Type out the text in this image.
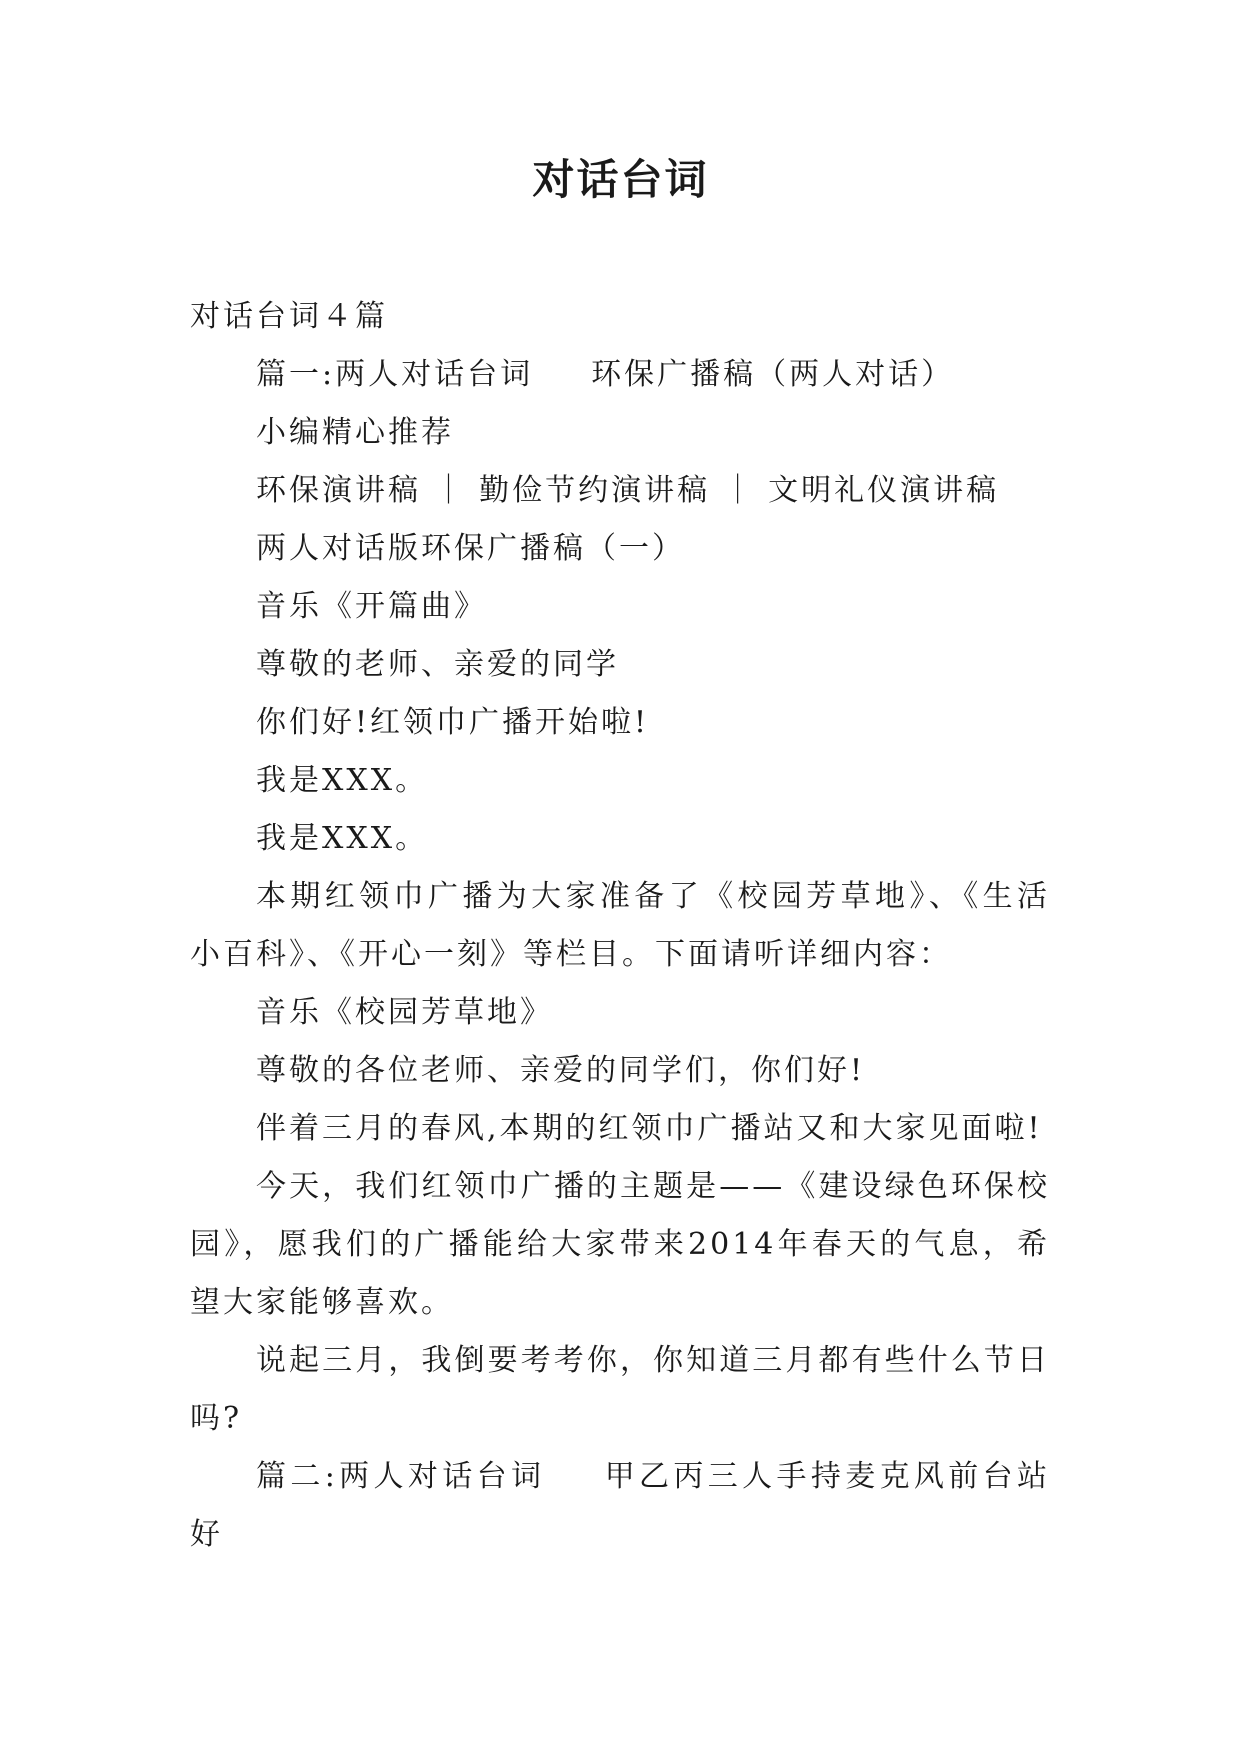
对话台词
对话台词４篇
篇一:两人对话台词 环保广播稿（两人对话）
小编精心推荐
环保演讲稿 ｜ 勤俭节约演讲稿 ｜ 文明礼仪演讲稿
两人对话版环保广播稿（一）
音乐《开篇曲》
尊敬的老师、亲爱的同学
你们好!红领巾广播开始啦!
我是XXX。
我是XXX。
本期红领巾广播为大家准备了《校园芳草地》、《生活小百科》、《开心一刻》等栏目。下面请听详细内容：
音乐《校园芳草地》
尊敬的各位老师、亲爱的同学们，你们好!
伴着三月的春风,本期的红领巾广播站又和大家见面啦!
今天，我们红领巾广播的主题是——《建设绿色环保校园》，愿我们的广播能给大家带来2014年春天的气息，希望大家能够喜欢。
说起三月，我倒要考考你，你知道三月都有些什么节日吗?
篇二:两人对话台词 甲乙丙三人手持麦克风前台站好
